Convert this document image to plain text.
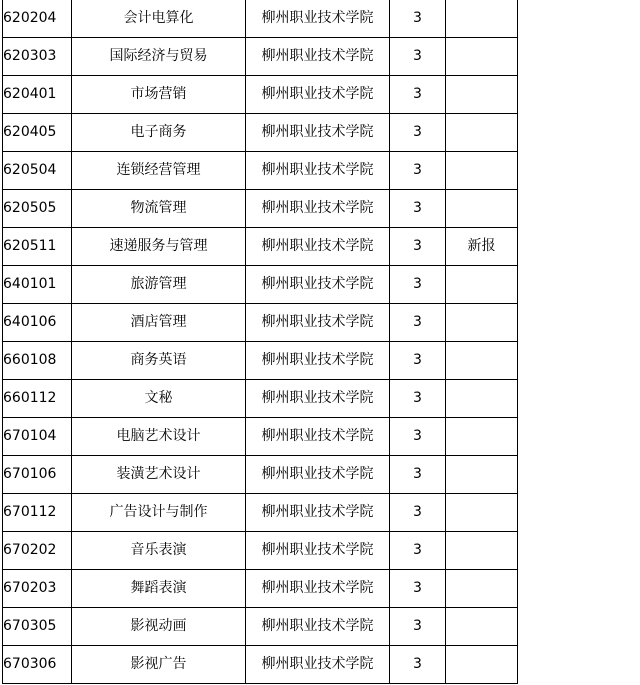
620204	会计电算化	柳州职业技术学院	3	
620303	国际经济与贸易	柳州职业技术学院	3	
620401	市场营销	柳州职业技术学院	3	
620405	电子商务	柳州职业技术学院	3	
620504	连锁经营管理	柳州职业技术学院	3	
620505	物流管理	柳州职业技术学院	3	
620511	速递服务与管理	柳州职业技术学院	3	新报
640101	旅游管理	柳州职业技术学院	3	
640106	酒店管理	柳州职业技术学院	3	
660108	商务英语	柳州职业技术学院	3	
660112	文秘	柳州职业技术学院	3	
670104	电脑艺术设计	柳州职业技术学院	3	
670106	装潢艺术设计	柳州职业技术学院	3	
670112	广告设计与制作	柳州职业技术学院	3	
670202	音乐表演	柳州职业技术学院	3	
670203	舞蹈表演	柳州职业技术学院	3	
670305	影视动画	柳州职业技术学院	3	
670306	影视广告	柳州职业技术学院	3	
